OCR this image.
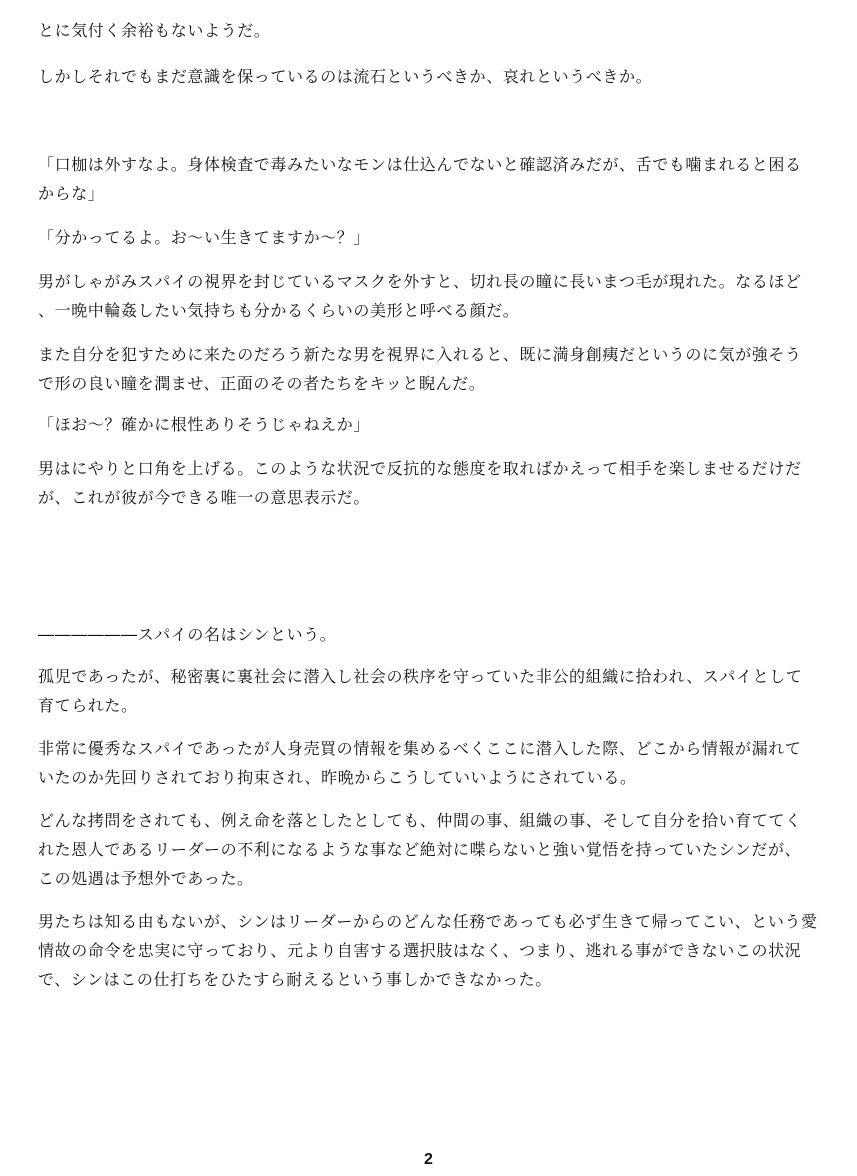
とに気付く余裕もないようだ。

しかしそれでもまだ意識を保っているのは流石というべきか、哀れというべきか。

「口枷は外すなよ。身体検査で毒みたいなモンは仕込んでないと確認済みだが、舌でも噛まれると困る
からな」

「分かってるよ。お～い生きてますか～？」

男がしゃがみスパイの視界を封じているマスクを外すと、切れ長の瞳に長いまつ毛が現れた。なるほど
、一晩中輪姦したい気持ちも分かるくらいの美形と呼べる顔だ。

また自分を犯すために来たのだろう新たな男を視界に入れると、既に満身創痍だというのに気が強そう
で形の良い瞳を潤ませ、正面のその者たちをキッと睨んだ。

「ほお～？確かに根性ありそうじゃねえか」

男はにやりと口角を上げる。このような状況で反抗的な態度を取ればかえって相手を楽しませるだけだ
が、これが彼が今できる唯一の意思表示だ。

――――――スパイの名はシンという。

孤児であったが、秘密裏に裏社会に潜入し社会の秩序を守っていた非公的組織に拾われ、スパイとして
育てられた。

非常に優秀なスパイであったが人身売買の情報を集めるべくここに潜入した際、どこから情報が漏れて
いたのか先回りされており拘束され、昨晩からこうしていいようにされている。

どんな拷問をされても、例え命を落としたとしても、仲間の事、組織の事、そして自分を拾い育ててく
れた恩人であるリーダーの不利になるような事など絶対に喋らないと強い覚悟を持っていたシンだが、
この処遇は予想外であった。

男たちは知る由もないが、シンはリーダーからのどんな任務であっても必ず生きて帰ってこい、という愛
情故の命令を忠実に守っており、元より自害する選択肢はなく、つまり、逃れる事ができないこの状況
で、シンはこの仕打ちをひたすら耐えるという事しかできなかった。

2
